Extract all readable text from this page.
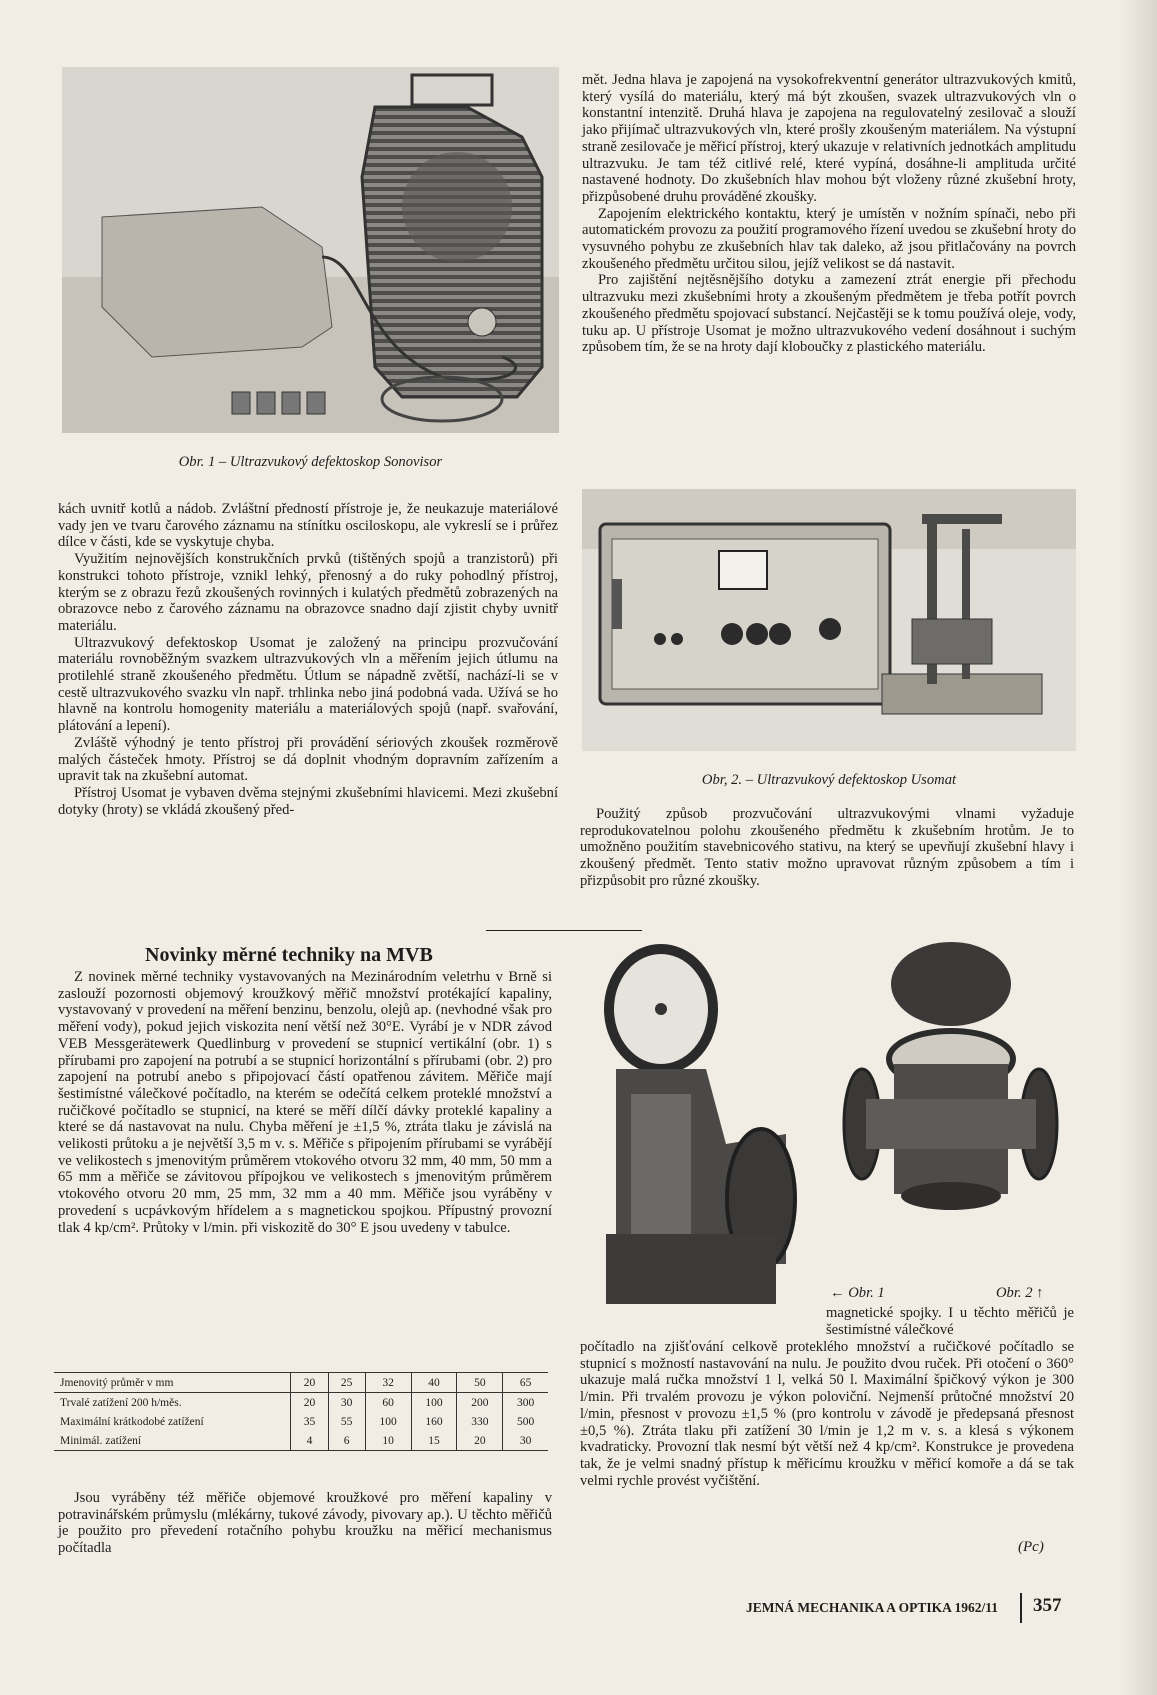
Obr. 1 – Ultrazvukový defektoskop Sonovisor

mět. Jedna hlava je zapojená na vysokofrekventní generátor ultrazvukových kmitů, který vysílá do materiálu, který má být zkoušen, svazek ultrazvukových vln o konstantní intenzitě. Druhá hlava je zapojena na regulovatelný zesilovač a slouží jako přijímač ultrazvukových vln, které prošly zkoušeným materiálem. Na výstupní straně zesilovače je měřicí přístroj, který ukazuje v relativních jednotkách amplitudu ultrazvuku. Je tam též citlivé relé, které vypíná, dosáhne-li amplituda určité nastavené hodnoty. Do zkušebních hlav mohou být vloženy různé zkušební hroty, přizpůsobené druhu prováděné zkoušky.

Zapojením elektrického kontaktu, který je umístěn v nožním spínači, nebo při automatickém provozu za použití programového řízení uvedou se zkušební hroty do vysuvného pohybu ze zkušebních hlav tak daleko, až jsou přitlačovány na povrch zkoušeného předmětu určitou silou, jejíž velikost se dá nastavit.

Pro zajištění nejtěsnějšího dotyku a zamezení ztrát energie při přechodu ultrazvuku mezi zkušebními hroty a zkoušeným předmětem je třeba potřít povrch zkoušeného předmětu spojovací substancí. Nejčastěji se k tomu používá oleje, vody, tuku ap. U přístroje Usomat je možno ultrazvukového vedení dosáhnout i suchým způsobem tím, že se na hroty dají kloboučky z plastického materiálu.

Obr, 2. – Ultrazvukový defektoskop Usomat

kách uvnitř kotlů a nádob. Zvláštní předností přístroje je, že neukazuje materiálové vady jen ve tvaru čarového záznamu na stínítku osciloskopu, ale vykreslí se i průřez dílce v části, kde se vyskytuje chyba.

Využitím nejnovějších konstrukčních prvků (tištěných spojů a tranzistorů) při konstrukci tohoto přístroje, vznikl lehký, přenosný a do ruky pohodlný přístroj, kterým se z obrazu řezů zkoušených rovinných i kulatých předmětů zobrazených na obrazovce nebo z čarového záznamu na obrazovce snadno dají zjistit chyby uvnitř materiálu.

Ultrazvukový defektoskop Usomat je založený na principu prozvučování materiálu rovnoběžným svazkem ultrazvukových vln a měřením jejich útlumu na protilehlé straně zkoušeného předmětu. Útlum se nápadně zvětší, nachází-li se v cestě ultrazvukového svazku vln např. trhlinka nebo jiná podobná vada. Užívá se ho hlavně na kontrolu homogenity materiálu a materiálových spojů (např. svařování, plátování a lepení).

Zvláště výhodný je tento přístroj při provádění sériových zkoušek rozměrově malých částeček hmoty. Přístroj se dá doplnit vhodným dopravním zařízením a upravit tak na zkušební automat.

Přístroj Usomat je vybaven dvěma stejnými zkušebními hlavicemi. Mezi zkušební dotyky (hroty) se vkládá zkoušený před-	Použitý způsob prozvučování ultrazvukovými vlnami vyžaduje reprodukovatelnou polohu zkoušeného předmětu k zkušebním hrotům. Je to umožněno použitím stavebnicového stativu, na který se upevňují zkušební hlavy i zkoušený předmět. Tento stativ možno upravovat různým způsobem a tím i přizpůsobit pro různé zkoušky.

Novinky měrné techniky na MVB

Z novinek měrné techniky vystavovaných na Mezinárodním veletrhu v Brně si zaslouží pozornosti objemový kroužkový měřič množství protékající kapaliny, vystavovaný v provedení na měření benzinu, benzolu, olejů ap. (nevhodné však pro měření vody), pokud jejich viskozita není větší než 30°E. Vyrábí je v NDR závod VEB Messgerätewerk Quedlinburg v provedení se stupnicí vertikální (obr. 1) s přírubami pro zapojení na potrubí a se stupnicí horizontální s přírubami (obr. 2) pro zapojení na potrubí anebo s připojovací částí opatřenou závitem. Měřiče mají šestimístné válečkové počítadlo, na kterém se odečítá celkem proteklé množství a ručičkové počítadlo se stupnicí, na které se měří dílčí dávky proteklé kapaliny a které se dá nastavovat na nulu. Chyba měření je ±1,5 %, ztráta tlaku je závislá na velikosti průtoku a je největší 3,5 m v. s. Měřiče s připojením přírubami se vyrábějí ve velikostech s jmenovitým průměrem vtokového otvoru 32 mm, 40 mm, 50 mm a 65 mm a měřiče se závitovou přípojkou ve velikostech s jmenovitým průměrem vtokového otvoru 20 mm, 25 mm, 32 mm a 40 mm. Měřiče jsou vyráběny v provedení s ucpávkovým hřídelem a s magnetickou spojkou. Přípustný provozní tlak 4 kp/cm². Průtoky v l/min. při viskozitě do 30° E jsou uvedeny v tabulce.

Jmenovitý průměr v mm	20	25	32	40	50	65
Trvalé zatížení 200 h/měs.	20	30	60	100	200	300
Maximální krátkodobé zatížení	35	55	100	160	330	500
Minimál. zatížení	4	6	10	15	20	30

Jsou vyráběny též měřiče objemové kroužkové pro měření kapaliny v potravinářském průmyslu (mlékárny, tukové závody, pivovary ap.). U těchto měřičů je použito pro převedení rotačního pohybu kroužku na měřicí mechanismus počítadla

← Obr. 1	Obr. 2 ↑

magnetické spojky. I u těchto měřičů je šestimístné válečkové

počítadlo na zjišťování celkově proteklého množství a ručičkové počítadlo se stupnicí s možností nastavování na nulu. Je použito dvou ruček. Při otočení o 360° ukazuje malá ručka množství 1 l, velká 50 l. Maximální špičkový výkon je 300 l/min. Při trvalém provozu je výkon poloviční. Nejmenší průtočné množství 20 l/min, přesnost v provozu ±1,5 % (pro kontrolu v závodě je předepsaná přesnost ±0,5 %). Ztráta tlaku při zatížení 30 l/min je 1,2 m v. s. a klesá s výkonem kvadraticky. Provozní tlak nesmí být větší než 4 kp/cm². Konstrukce je provedena tak, že je velmi snadný přístup k měřicímu kroužku v měřicí komoře a dá se tak velmi rychle provést vyčištění.

(Pc)
JEMNÁ MECHANIKA A OPTIKA 1962/11 357
